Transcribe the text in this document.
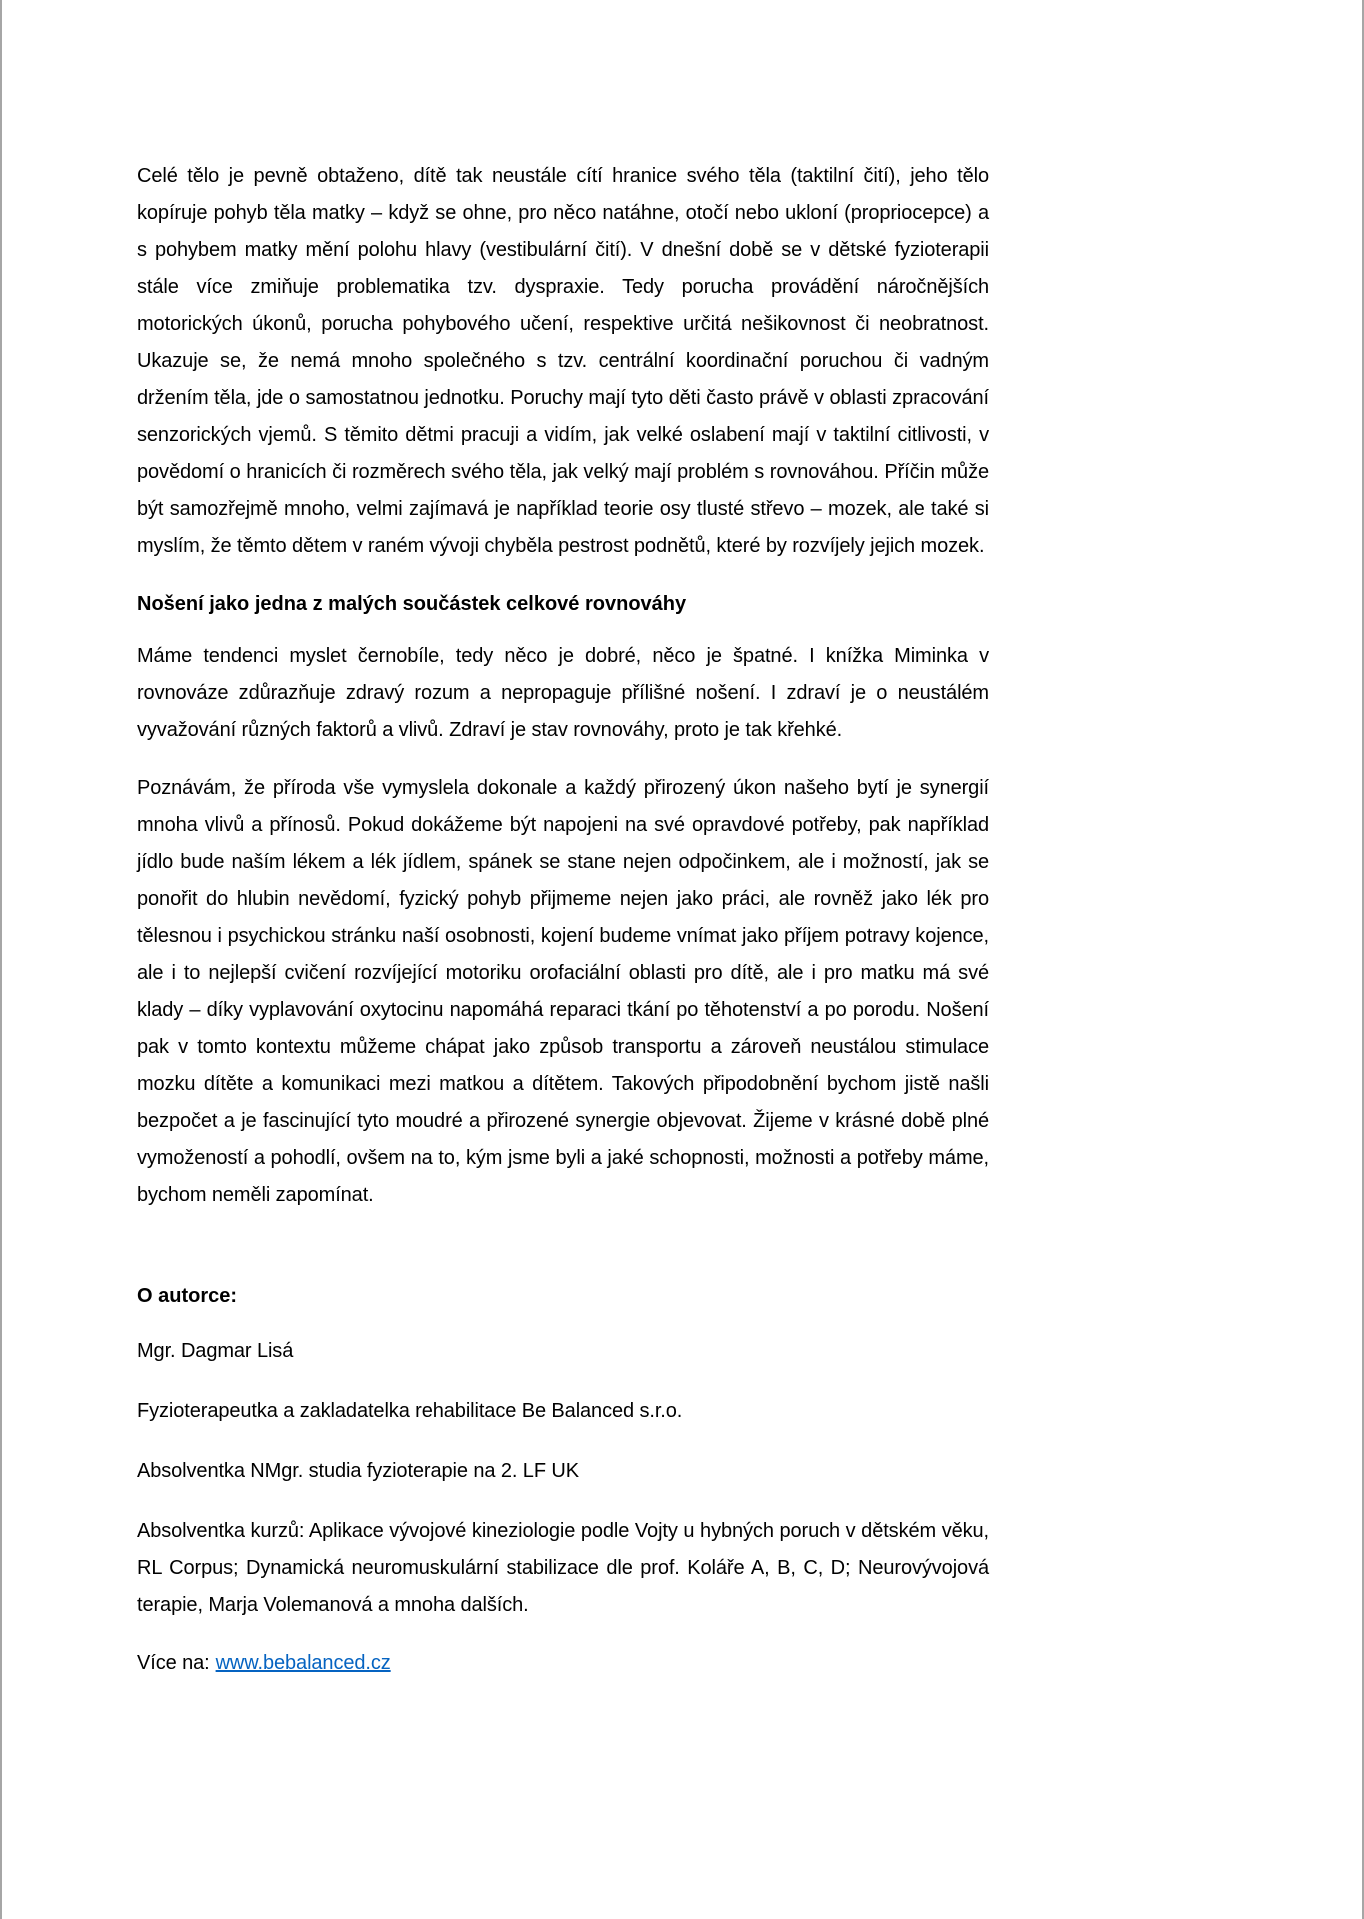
Celé tělo je pevně obtaženo, dítě tak neustále cítí hranice svého těla (taktilní čití), jeho tělo kopíruje pohyb těla matky – když se ohne, pro něco natáhne, otočí nebo ukloní (propriocepce) a s pohybem matky mění polohu hlavy (vestibulární čití). V dnešní době se v dětské fyzioterapii stále více zmiňuje problematika tzv. dyspraxie. Tedy porucha provádění náročnějších motorických úkonů, porucha pohybového učení, respektive určitá nešikovnost či neobratnost. Ukazuje se, že nemá mnoho společného s tzv. centrální koordinační poruchou či vadným držením těla, jde o samostatnou jednotku. Poruchy mají tyto děti často právě v oblasti zpracování senzorických vjemů. S těmito dětmi pracuji a vidím, jak velké oslabení mají v taktilní citlivosti, v povědomí o hranicích či rozměrech svého těla, jak velký mají problém s rovnováhou. Příčin může být samozřejmě mnoho, velmi zajímavá je například teorie osy tlusté střevo – mozek, ale také si myslím, že těmto dětem v raném vývoji chyběla pestrost podnětů, které by rozvíjely jejich mozek.

Nošení jako jedna z malých součástek celkové rovnováhy

Máme tendenci myslet černobíle, tedy něco je dobré, něco je špatné. I knížka Miminka v rovnováze zdůrazňuje zdravý rozum a nepropaguje přílišné nošení. I zdraví je o neustálém vyvažování různých faktorů a vlivů. Zdraví je stav rovnováhy, proto je tak křehké.

Poznávám, že příroda vše vymyslela dokonale a každý přirozený úkon našeho bytí je synergií mnoha vlivů a přínosů. Pokud dokážeme být napojeni na své opravdové potřeby, pak například jídlo bude naším lékem a lék jídlem, spánek se stane nejen odpočinkem, ale i možností, jak se ponořit do hlubin nevědomí, fyzický pohyb přijmeme nejen jako práci, ale rovněž jako lék pro tělesnou i psychickou stránku naší osobnosti, kojení budeme vnímat jako příjem potravy kojence, ale i to nejlepší cvičení rozvíjející motoriku orofaciální oblasti pro dítě, ale i pro matku má své klady – díky vyplavování oxytocinu napomáhá reparaci tkání po těhotenství a po porodu. Nošení pak v tomto kontextu můžeme chápat jako způsob transportu a zároveň neustálou stimulace mozku dítěte a komunikaci mezi matkou a dítětem. Takových připodobnění bychom jistě našli bezpočet a je fascinující tyto moudré a přirozené synergie objevovat. Žijeme v krásné době plné vymožeností a pohodlí, ovšem na to, kým jsme byli a jaké schopnosti, možnosti a potřeby máme, bychom neměli zapomínat.

O autorce:

Mgr. Dagmar Lisá

Fyzioterapeutka a zakladatelka rehabilitace Be Balanced s.r.o.

Absolventka NMgr. studia fyzioterapie na 2. LF UK

Absolventka kurzů: Aplikace vývojové kineziologie podle Vojty u hybných poruch v dětském věku, RL Corpus; Dynamická neuromuskulární stabilizace dle prof. Koláře A, B, C, D; Neurovývojová terapie, Marja Volemanová a mnoha dalších.

Více na: www.bebalanced.cz
